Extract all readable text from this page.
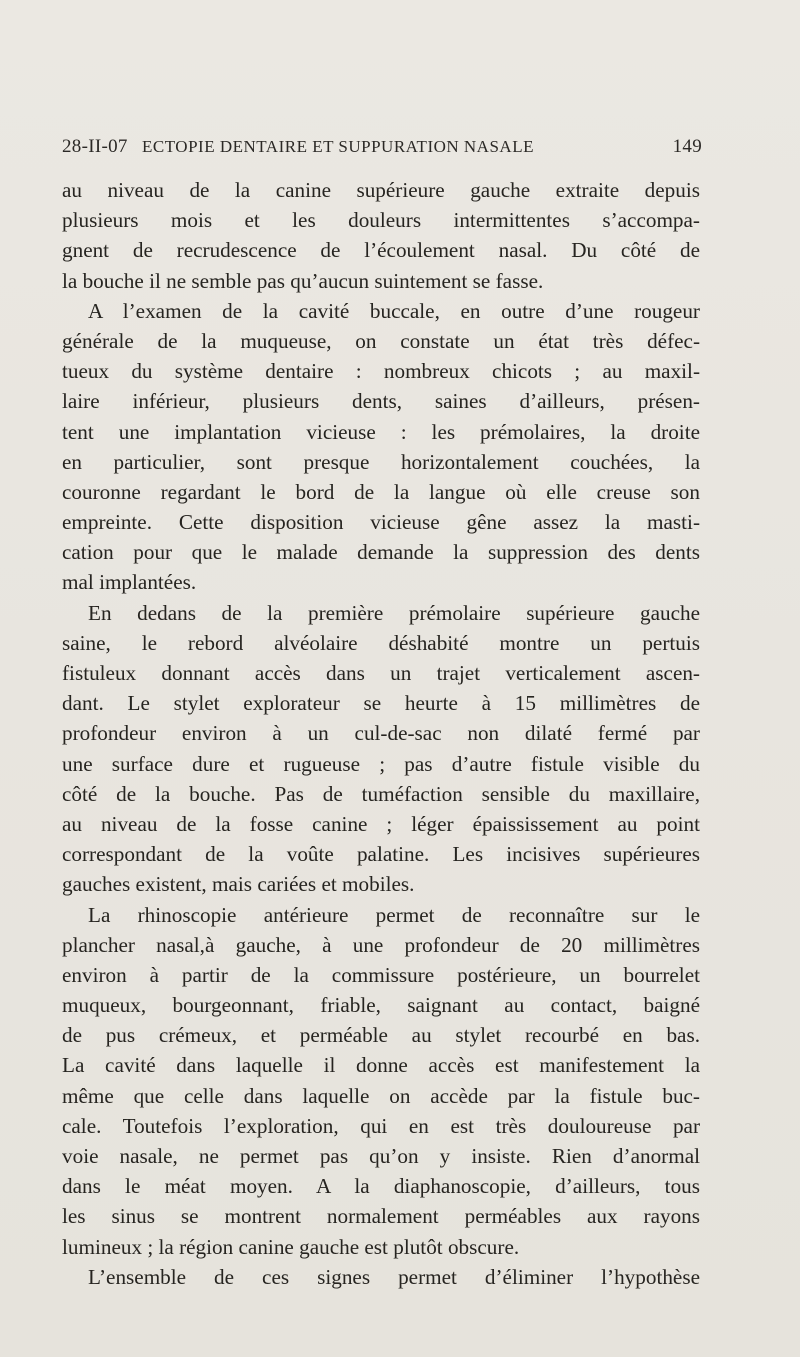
28-II-07 ECTOPIE DENTAIRE ET SUPPURATION NASALE	149
au niveau de la canine supérieure gauche extraite depuis
plusieurs mois et les douleurs intermittentes s’accompa-
gnent de recrudescence de l’écoulement nasal. Du côté de
la bouche il ne semble pas qu’aucun suintement se fasse.
A l’examen de la cavité buccale, en outre d’une rougeur
générale de la muqueuse, on constate un état très défec-
tueux du système dentaire : nombreux chicots ; au maxil-
laire inférieur, plusieurs dents, saines d’ailleurs, présen-
tent une implantation vicieuse : les prémolaires, la droite
en particulier, sont presque horizontalement couchées, la
couronne regardant le bord de la langue où elle creuse son
empreinte. Cette disposition vicieuse gêne assez la masti-
cation pour que le malade demande la suppression des dents
mal implantées.
En dedans de la première prémolaire supérieure gauche
saine, le rebord alvéolaire déshabité montre un pertuis
fistuleux donnant accès dans un trajet verticalement ascen-
dant. Le stylet explorateur se heurte à 15 millimètres de
profondeur environ à un cul-de-sac non dilaté fermé par
une surface dure et rugueuse ; pas d’autre fistule visible du
côté de la bouche. Pas de tuméfaction sensible du maxillaire,
au niveau de la fosse canine ; léger épaississement au point
correspondant de la voûte palatine. Les incisives supérieures
gauches existent, mais cariées et mobiles.
La rhinoscopie antérieure permet de reconnaître sur le
plancher nasal,à gauche, à une profondeur de 20 millimètres
environ à partir de la commissure postérieure, un bourrelet
muqueux, bourgeonnant, friable, saignant au contact, baigné
de pus crémeux, et perméable au stylet recourbé en bas.
La cavité dans laquelle il donne accès est manifestement la
même que celle dans laquelle on accède par la fistule buc-
cale. Toutefois l’exploration, qui en est très douloureuse par
voie nasale, ne permet pas qu’on y insiste. Rien d’anormal
dans le méat moyen. A la diaphanoscopie, d’ailleurs, tous
les sinus se montrent normalement perméables aux rayons
lumineux ; la région canine gauche est plutôt obscure.
L’ensemble de ces signes permet d’éliminer l’hypothèse
